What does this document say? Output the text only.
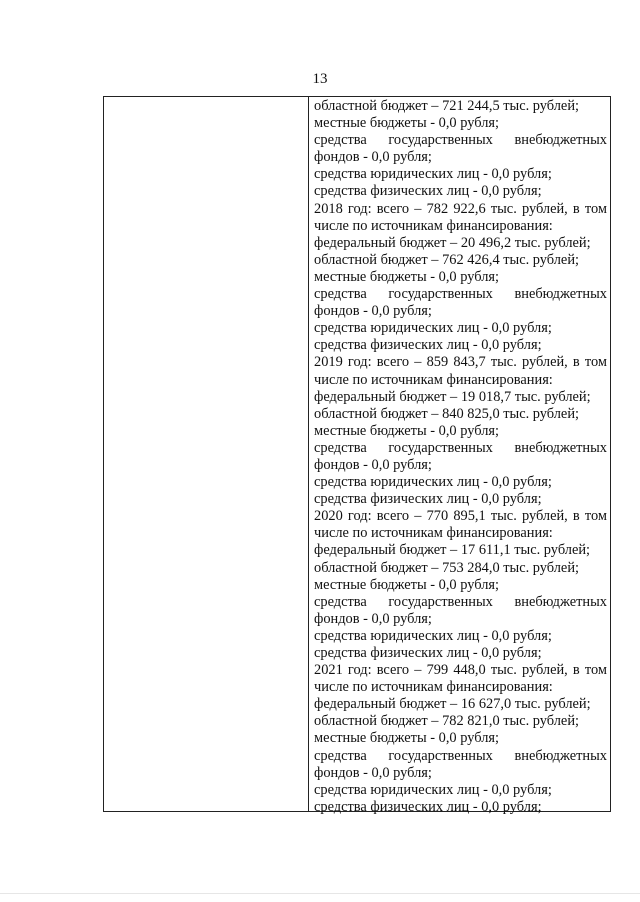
13
областной бюджет – 721 244,5 тыс. рублей;
местные бюджеты - 0,0 рубля;
средства государственных внебюджетных
фондов - 0,0 рубля;
средства юридических лиц - 0,0 рубля;
средства физических лиц - 0,0 рубля;
2018 год: всего – 782 922,6 тыс. рублей, в том
числе по источникам финансирования:
федеральный бюджет – 20 496,2 тыс. рублей;
областной бюджет – 762 426,4 тыс. рублей;
местные бюджеты - 0,0 рубля;
средства государственных внебюджетных
фондов - 0,0 рубля;
средства юридических лиц - 0,0 рубля;
средства физических лиц - 0,0 рубля;
2019 год: всего – 859 843,7 тыс. рублей, в том
числе по источникам финансирования:
федеральный бюджет – 19 018,7 тыс. рублей;
областной бюджет – 840 825,0 тыс. рублей;
местные бюджеты - 0,0 рубля;
средства государственных внебюджетных
фондов - 0,0 рубля;
средства юридических лиц - 0,0 рубля;
средства физических лиц - 0,0 рубля;
2020 год: всего – 770 895,1 тыс. рублей, в том
числе по источникам финансирования:
федеральный бюджет – 17 611,1 тыс. рублей;
областной бюджет – 753 284,0 тыс. рублей;
местные бюджеты - 0,0 рубля;
средства государственных внебюджетных
фондов - 0,0 рубля;
средства юридических лиц - 0,0 рубля;
средства физических лиц - 0,0 рубля;
2021 год: всего – 799 448,0 тыс. рублей, в том
числе по источникам финансирования:
федеральный бюджет – 16 627,0 тыс. рублей;
областной бюджет – 782 821,0 тыс. рублей;
местные бюджеты - 0,0 рубля;
средства государственных внебюджетных
фондов - 0,0 рубля;
средства юридических лиц - 0,0 рубля;
средства физических лиц - 0,0 рубля;
